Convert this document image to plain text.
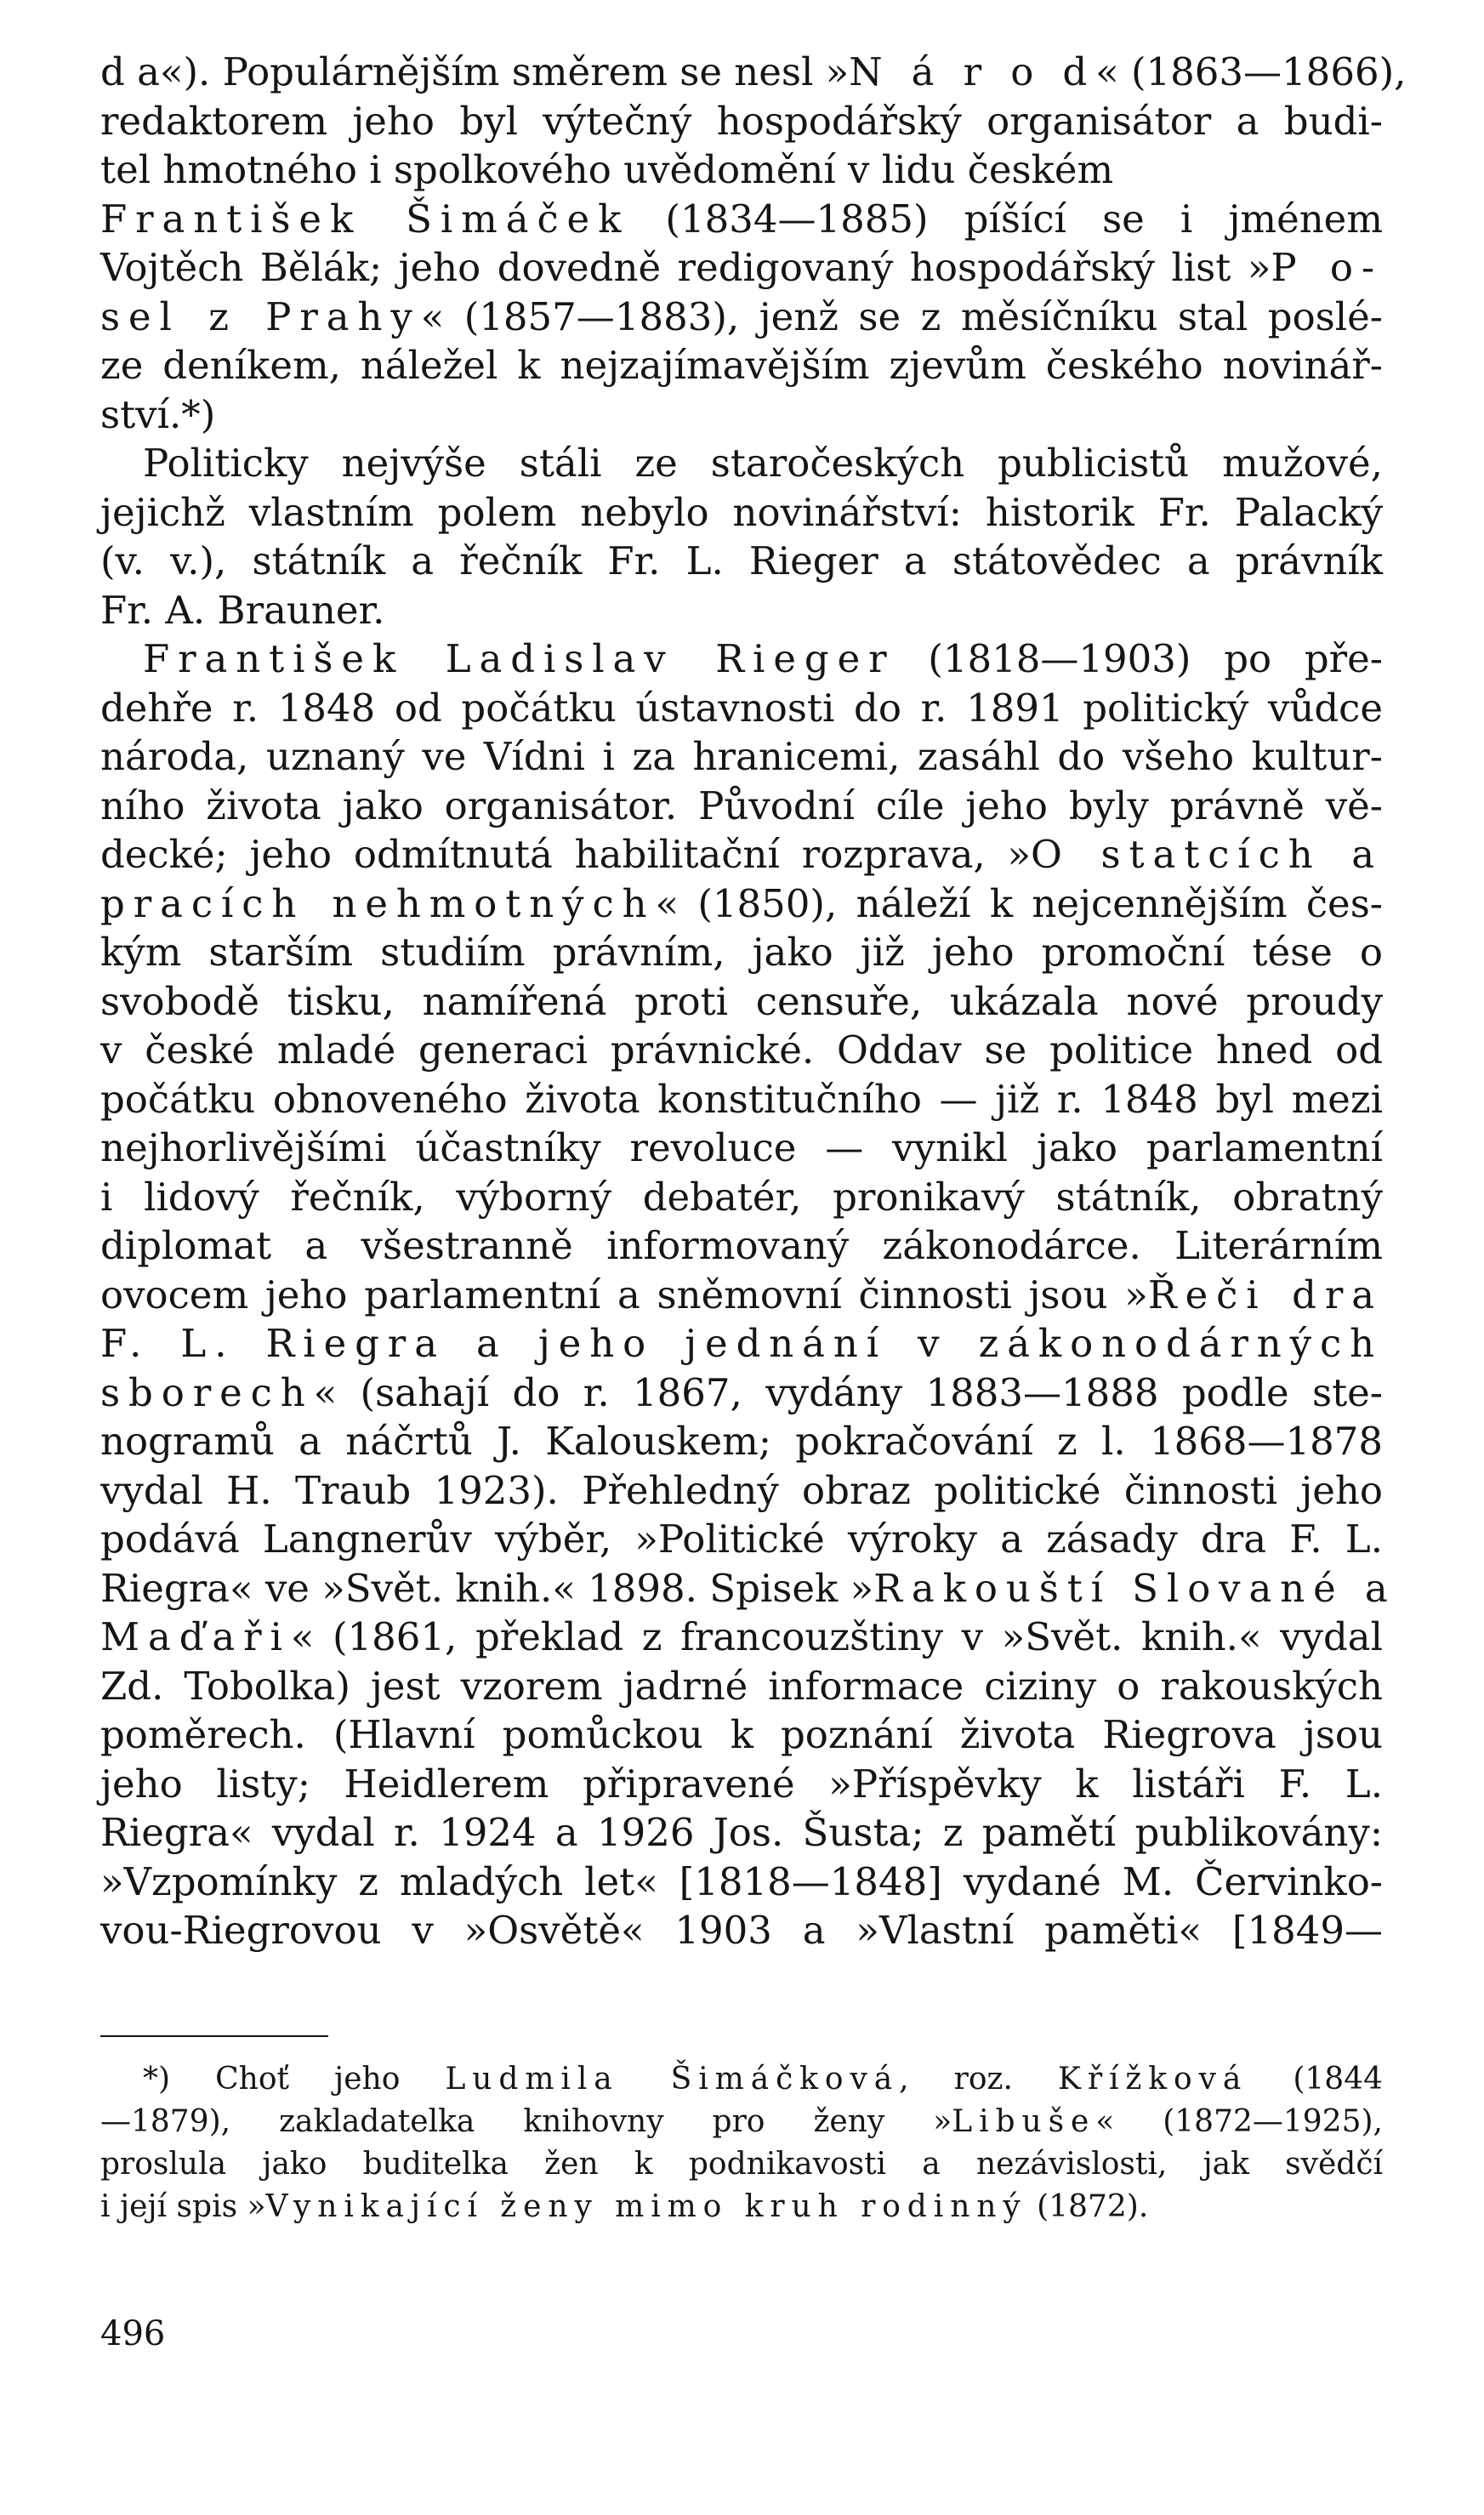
d a«). Populárnějším směrem se nesl »N á r o d« (1863—1866),
redaktorem jeho byl výtečný hospodářský organisátor a budi-
tel hmotného i spolkového uvědomění v lidu českém
František Šimáček (1834—1885) píšící se i jménem
Vojtěch Bělák; jeho dovedně redigovaný hospodářský list »P o-
sel z Prahy« (1857—1883), jenž se z měsíčníku stal poslé-
ze deníkem, náležel k nejzajímavějším zjevům českého novinář-
ství.*)
Politicky nejvýše stáli ze staročeských publicistů mužové,
jejichž vlastním polem nebylo novinářství: historik Fr. Palacký
(v. v.), státník a řečník Fr. L. Rieger a státovědec a právník
Fr. A. Brauner.
František Ladislav Rieger (1818—1903) po pře-
dehře r. 1848 od počátku ústavnosti do r. 1891 politický vůdce
národa, uznaný ve Vídni i za hranicemi, zasáhl do všeho kultur-
ního života jako organisátor. Původní cíle jeho byly právně vě-
decké; jeho odmítnutá habilitační rozprava, »O statcích a
pracích nehmotných« (1850), náleží k nejcennějším čes-
kým starším studiím právním, jako již jeho promoční tése o
svobodě tisku, namířená proti censuře, ukázala nové proudy
v české mladé generaci právnické. Oddav se politice hned od
počátku obnoveného života konstitučního — již r. 1848 byl mezi
nejhorlivějšími účastníky revoluce — vynikl jako parlamentní
i lidový řečník, výborný debatér, pronikavý státník, obratný
diplomat a všestranně informovaný zákonodárce. Literárním
ovocem jeho parlamentní a sněmovní činnosti jsou »Řeči dra
F. L. Riegra a jeho jednání v zákonodárných
sborech« (sahají do r. 1867, vydány 1883—1888 podle ste-
nogramů a náčrtů J. Kalouskem; pokračování z l. 1868—1878
vydal H. Traub 1923). Přehledný obraz politické činnosti jeho
podává Langnerův výběr, »Politické výroky a zásady dra F. L.
Riegra« ve »Svět. knih.« 1898. Spisek »Rakouští Slované a
Maďaři« (1861, překlad z francouzštiny v »Svět. knih.« vydal
Zd. Tobolka) jest vzorem jadrné informace ciziny o rakouských
poměrech. (Hlavní pomůckou k poznání života Riegrova jsou
jeho listy; Heidlerem připravené »Příspěvky k listáři F. L.
Riegra« vydal r. 1924 a 1926 Jos. Šusta; z pamětí publikovány:
»Vzpomínky z mladých let« [1818—1848] vydané M. Červinko-
vou-Riegrovou v »Osvětě« 1903 a »Vlastní paměti« [1849—
*) Choť jeho Ludmila Šimáčková, roz. Křížková (1844
—1879), zakladatelka knihovny pro ženy »Libuše« (1872—1925),
proslula jako buditelka žen k podnikavosti a nezávislosti, jak svědčí
i její spis »Vynikající ženy mimo kruh rodinný (1872).
496
